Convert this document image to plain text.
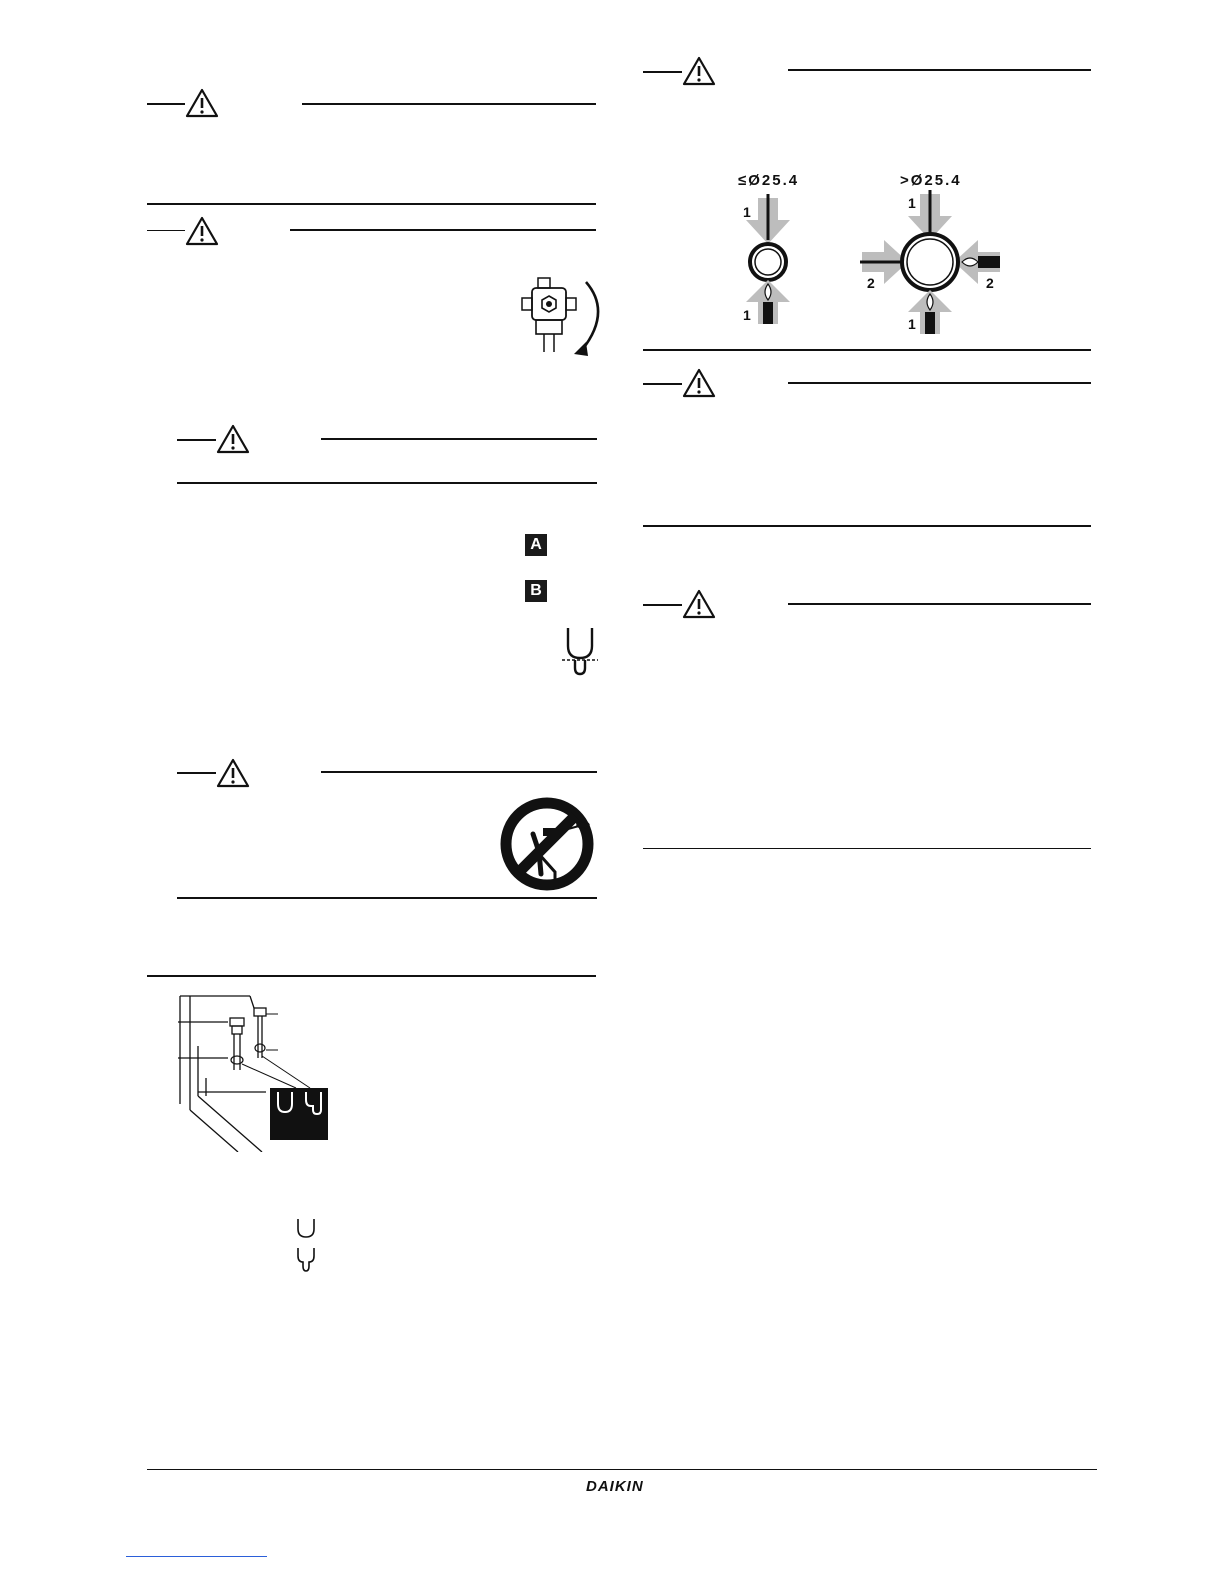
A
B
≤Ø25.4	>Ø25.4
1
1
1
2	2
1
DAIKIN
